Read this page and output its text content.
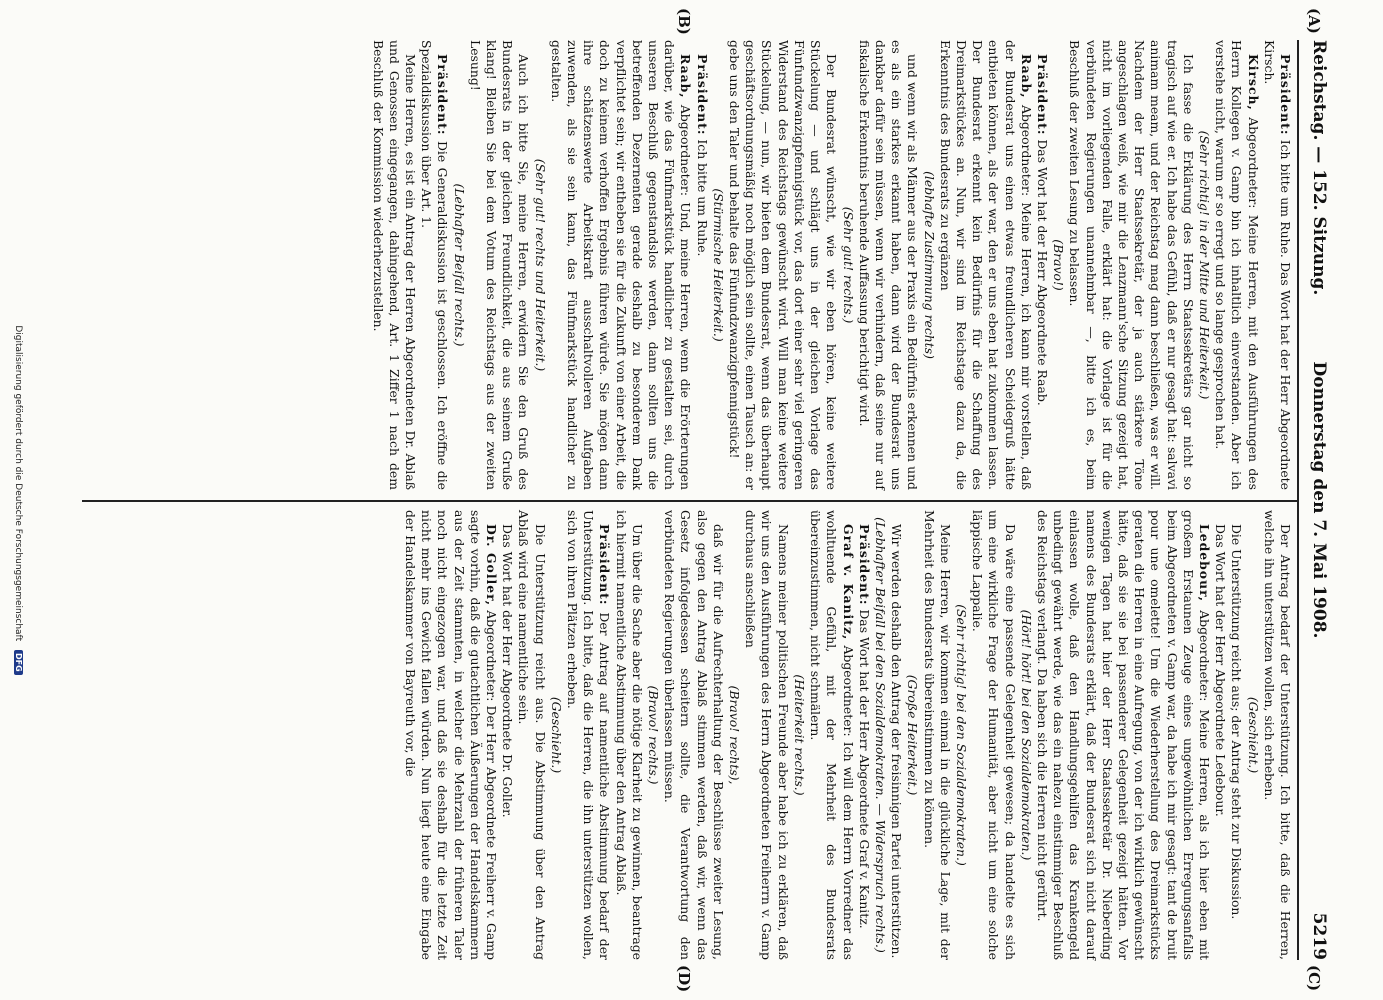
Reichstag. — 152. Sitzung.
Donnerstag den 7. Mai 1908.
5219
(A)
(B)
(C)
(D)

Präsident: Ich bitte um Ruhe. Das Wort hat der Herr Abgeordnete Kirsch.

Kirsch, Abgeordneter: Meine Herren, mit den Ausführungen des Herrn Kollegen v. Gamp bin ich inhaltlich einverstanden. Aber ich verstehe nicht, warum er so erregt und so lange gesprochen hat.

(Sehr richtig! in der Mitte und Heiterkeit.)

Ich fasse die Erklärung des Herrn Staatssekretärs gar nicht so tragisch auf wie er. Ich habe das Gefühl, daß er nur gesagt hat: salvavi animam meam, und der Reichstag mag dann beschließen, was er will. Nachdem der Herr Staatssekretär, der ja auch stärkere Töne angeschlagen weiß, wie mir die Lenzmann'sche Sitzung gezeigt hat, nicht im vorliegenden Falle, erklärt hat: die Vorlage ist für die verbündeten Regierungen unannehmbar —, bitte ich es, beim Beschluß der zweiten Lesung zu belassen.

(Bravo!)

Präsident: Das Wort hat der Herr Abgeordnete Raab.

Raab, Abgeordneter: Meine Herren, ich kann mir vorstellen, daß der Bundesrat uns einen etwas freundlicheren Scheidegruß hätte entbieten können, als der war, den er uns eben hat zukommen lassen. Der Bundesrat erkennt kein Bedürfnis für die Schaffung des Dreimarkstückes an. Nun, wir sind im Reichstage dazu da, die Erkenntnis des Bundesrats zu ergänzen

(lebhafte Zustimmung rechts)

und wenn wir als Männer aus der Praxis ein Bedürfnis erkennen und es als ein starkes erkannt haben, dann wird der Bundesrat uns dankbar dafür sein müssen, wenn wir verhindern, daß seine nur auf fiskalische Erkenntnis beruhende Auffassung berichtigt wird.

(Sehr gut! rechts.)

Der Bundesrat wünscht, wie wir eben hören, keine weitere Stückelung — und schlägt uns in der gleichen Vorlage das Fünfundzwanzigpfennigstück vor, das dort einer sehr viel geringeren Widerstand des Reichstags gewünscht wird. Will man keine weitere Stückelung, — nun, wir bieten dem Bundesrat, wenn das überhaupt geschäftsordnungsmäßig noch möglich sein sollte, einen Tausch an: er gebe uns den Taler und behalte das Fünfundzwanzigpfennigstück!

(Stürmische Heiterkeit.)

Präsident: Ich bitte um Ruhe.

Raab, Abgeordneter: Und, meine Herren, wenn die Erörterungen darüber, wie das Fünfmarkstück handlicher zu gestalten sei, durch unseren Beschluß gegenstandslos werden, dann sollten uns die betreffenden Dezernenten gerade deshalb zu besonderem Dank verpflichtet sein; wir entheben sie für die Zukunft von einer Arbeit, die doch zu keinem verhoffen Ergebnis führen würde. Sie mögen dann ihre schätzenswerte Arbeitskraft ausschaltvolleren Aufgaben zuwenden, als sie sein kann, das Fünfmarkstück handlicher zu gestalten.

(Sehr gut! rechts und Heiterkeit.)

Auch ich bitte Sie, meine Herren, erwidern Sie den Gruß des Bundesrats in der gleichen Freundlichkeit, die aus seinem Gruße klang! Bleiben Sie bei dem Votum des Reichstags aus der zweiten Lesung!

(Lebhafter Beifall rechts.)

Präsident: Die Generaldiskussion ist geschlossen. Ich eröffne die Spezialdiskussion über Art. 1.

Meine Herren, es ist ein Antrag der Herren Abgeordneten Dr. Ablaß und Genossen eingegangen, dahingehend, Art. 1 Ziffer 1 nach dem Beschluß der Kommission wiederherzustellen.

Der Antrag bedarf der Unterstützung. Ich bitte, daß die Herren, welche ihn unterstützen wollen, sich erheben.

(Geschieht.)

Die Unterstützung reicht aus; der Antrag steht zur Diskussion.

Das Wort hat der Herr Abgeordnete Ledebour.

Ledebour, Abgeordneter: Meine Herren, als ich hier eben mit großem Erstaunen Zeuge eines ungewöhnlichen Erregungsanfalls beim Abgeordneten v. Gamp war, da habe ich mir gesagt: tant de bruit pour une omelette! Um die Wiederherstellung des Dreimarkstücks geraten die Herren in eine Aufregung, von der ich wirklich gewünscht hätte, daß sie sie bei passenderer Gelegenheit gezeigt hätten. Vor wenigen Tagen hat hier der Herr Staatssekretär Dr. Nieberding namens des Bundesrats erklärt, daß der Bundesrat sich nicht darauf einlassen wolle, daß den Handlungsgehilfen das Krankengeld unbedingt gewährt werde, wie das ein nahezu einstimmiger Beschluß des Reichstags verlangt. Da haben sich die Herren nicht gerührt.

(Hört! hört! bei den Sozialdemokraten.)

Da wäre eine passende Gelegenheit gewesen; da handelte es sich um eine wirkliche Frage der Humanität, aber nicht um eine solche läppische Lappalie.

(Sehr richtig! bei den Sozialdemokraten.)

Meine Herren, wir kommen einmal in die glückliche Lage, mit der Mehrheit des Bundesrats übereinstimmen zu können.

(Große Heiterkeit.)

Wir werden deshalb den Antrag der freisinnigen Partei unterstützen.

(Lebhafter Beifall bei den Sozialdemokraten. — Widerspruch rechts.)

Präsident: Das Wort hat der Herr Abgeordnete Graf v. Kanitz.

Graf v. Kanitz, Abgeordneter: Ich will dem Herrn Vorredner das wohltuende Gefühl, mit der Mehrheit des Bundesrats übereinzustimmen, nicht schmälern.

(Heiterkeit rechts.)

Namens meiner politischen Freunde aber habe ich zu erklären, daß wir uns den Ausführungen des Herrn Abgeordneten Freiherrn v. Gamp durchaus anschließen

(Bravo! rechts),

daß wir für die Aufrechterhaltung der Beschlüsse zweiter Lesung, also gegen den Antrag Ablaß stimmen werden, daß wir, wenn das Gesetz infolgedessen scheitern sollte, die Verantwortung den verbündeten Regierungen überlassen müssen.

(Bravo! rechts.)

Um über die Sache aber die nötige Klarheit zu gewinnen, beantrage ich hiermit namentliche Abstimmung über den Antrag Ablaß.

Präsident: Der Antrag auf namentliche Abstimmung bedarf der Unterstützung. Ich bitte, daß die Herren, die ihn unterstützen wollen, sich von ihren Plätzen erheben.

(Geschieht.)

Die Unterstützung reicht aus. Die Abstimmung über den Antrag Ablaß wird eine namentliche sein.

Das Wort hat der Herr Abgeordnete Dr. Goller.

Dr. Goller, Abgeordneter: Der Herr Abgeordnete Freiherr v. Gamp sagte vorhin, daß die gutachtlichen Äußerungen der Handelskammern aus der Zeit stammten, in welcher die Mehrzahl der früheren Taler noch nicht eingezogen war, und daß sie deshalb für die letzte Zeit nicht mehr ins Gewicht fallen würden. Nun liegt heute eine Eingabe der Handelskammer von Bayreuth vor, die

Digitalisierung gefördert durch die Deutsche Forschungsgemeinschaft DFG
